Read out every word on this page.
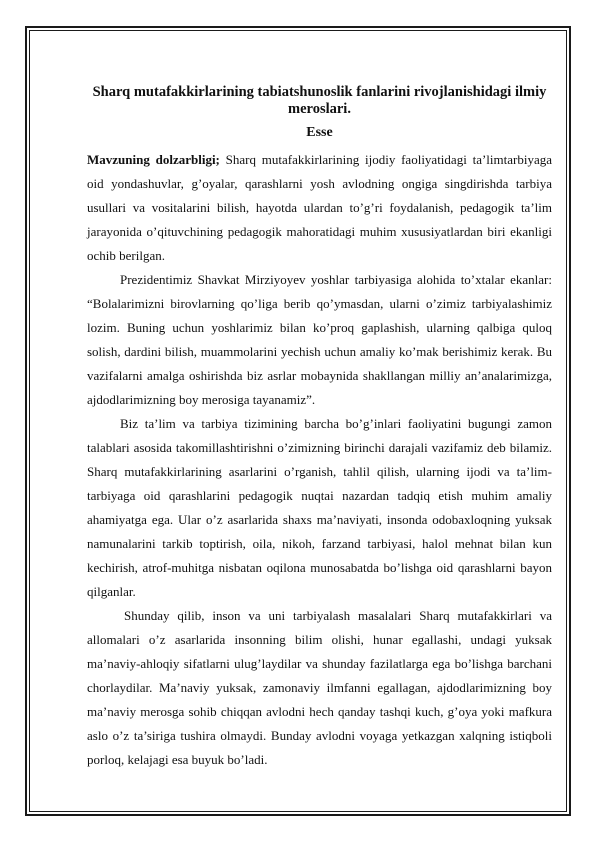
Sharq mutafakkirlarining tabiatshunoslik fanlarini rivojlanishidagi ilmiy meroslari.
Esse

Mavzuning dolzarbligi; Sharq mutafakkirlarining ijodiy faoliyatidagi ta’limtarbiyaga oid yondashuvlar, g’oyalar, qarashlarni yosh avlodning ongiga singdirishda tarbiya usullari va vositalarini bilish, hayotda ulardan to’g’ri foydalanish, pedagogik ta’lim jarayonida o’qituvchining pedagogik mahoratidagi muhim xususiyatlardan biri ekanligi ochib berilgan.

Prezidentimiz Shavkat Mirziyoyev yoshlar tarbiyasiga alohida to’xtalar ekanlar: “Bolalarimizni birovlarning qo’liga berib qo’ymasdan, ularni o’zimiz tarbiyalashimiz lozim. Buning uchun yoshlarimiz bilan ko’proq gaplashish, ularning qalbiga quloq solish, dardini bilish, muammolarini yechish uchun amaliy ko’mak berishimiz kerak. Bu vazifalarni amalga oshirishda biz asrlar mobaynida shakllangan milliy an’analarimizga, ajdodlarimizning boy merosiga tayanamiz”.

Biz ta’lim va tarbiya tizimining barcha bo’g’inlari faoliyatini bugungi zamon talablari asosida takomillashtirishni o’zimizning birinchi darajali vazifamiz deb bilamiz. Sharq mutafakkirlarining asarlarini o’rganish, tahlil qilish, ularning ijodi va ta’lim-tarbiyaga oid qarashlarini pedagogik nuqtai nazardan tadqiq etish muhim amaliy ahamiyatga ega. Ular o’z asarlarida shaxs ma’naviyati, insonda odobaxloqning yuksak namunalarini tarkib toptirish, oila, nikoh, farzand tarbiyasi, halol mehnat bilan kun kechirish, atrof-muhitga nisbatan oqilona munosabatda bo’lishga oid qarashlarni bayon qilganlar.

Shunday qilib, inson va uni tarbiyalash masalalari Sharq mutafakkirlari va allomalari o’z asarlarida insonning bilim olishi, hunar egallashi, undagi yuksak ma’naviy-ahloqiy sifatlarni ulug’laydilar va shunday fazilatlarga ega bo’lishga barchani chorlaydilar. Ma’naviy yuksak, zamonaviy ilmfanni egallagan, ajdodlarimizning boy ma’naviy merosga sohib chiqqan avlodni hech qanday tashqi kuch, g’oya yoki mafkura aslo o’z ta’siriga tushira olmaydi. Bunday avlodni voyaga yetkazgan xalqning istiqboli porloq, kelajagi esa buyuk bo’ladi.
